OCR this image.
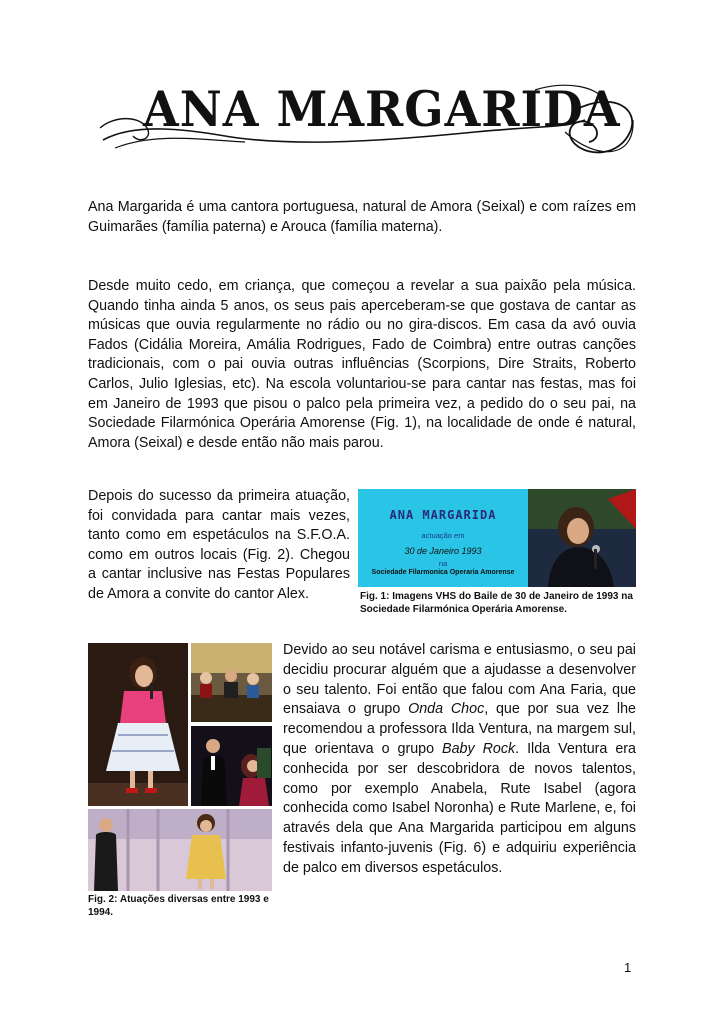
ANA MARGARIDA

Ana Margarida é uma cantora portuguesa, natural de Amora (Seixal) e com raízes em Guimarães (família paterna) e Arouca (família materna).

Desde muito cedo, em criança, que começou a revelar a sua paixão pela música. Quando tinha ainda 5 anos, os seus pais aperceberam-se que gostava de cantar as músicas que ouvia regularmente no rádio ou no gira-discos. Em casa da avó ouvia Fados (Cidália Moreira, Amália Rodrigues, Fado de Coimbra) entre outras canções tradicionais, com o pai ouvia outras influências (Scorpions, Dire Straits, Roberto Carlos, Julio Iglesias, etc). Na escola voluntariou-se para cantar nas festas, mas foi em Janeiro de 1993 que pisou o palco pela primeira vez, a pedido do o seu pai, na Sociedade Filarmónica Operária Amorense (Fig. 1), na localidade de onde é natural, Amora (Seixal) e desde então não mais parou.

Depois do sucesso da primeira atuação, foi convidada para cantar mais vezes, tanto como em espetáculos na S.F.O.A. como em outros locais (Fig. 2). Chegou a cantar inclusive nas Festas Populares de Amora a convite do cantor Alex.

ANA MARGARIDA
actuação em
30 de Janeiro 1993
na
Sociedade Filarmonica Operaria Amorense
Fig. 1: Imagens VHS do Baile de 30 de Janeiro de 1993 na Sociedade Filarmónica Operária Amorense.
Fig. 2: Atuações diversas entre 1993 e 1994.

Devido ao seu notável carisma e entusiasmo, o seu pai decidiu procurar alguém que a ajudasse a desenvolver o seu talento. Foi então que falou com Ana Faria, que ensaiava o grupo Onda Choc, que por sua vez lhe recomendou a professora Ilda Ventura, na margem sul, que orientava o grupo Baby Rock. Ilda Ventura era conhecida por ser descobridora de novos talentos, como por exemplo Anabela, Rute Isabel (agora conhecida como Isabel Noronha) e Rute Marlene, e, foi através dela que Ana Margarida participou em alguns festivais infanto-juvenis (Fig. 6) e adquiriu experiência de palco em diversos espetáculos.

1
